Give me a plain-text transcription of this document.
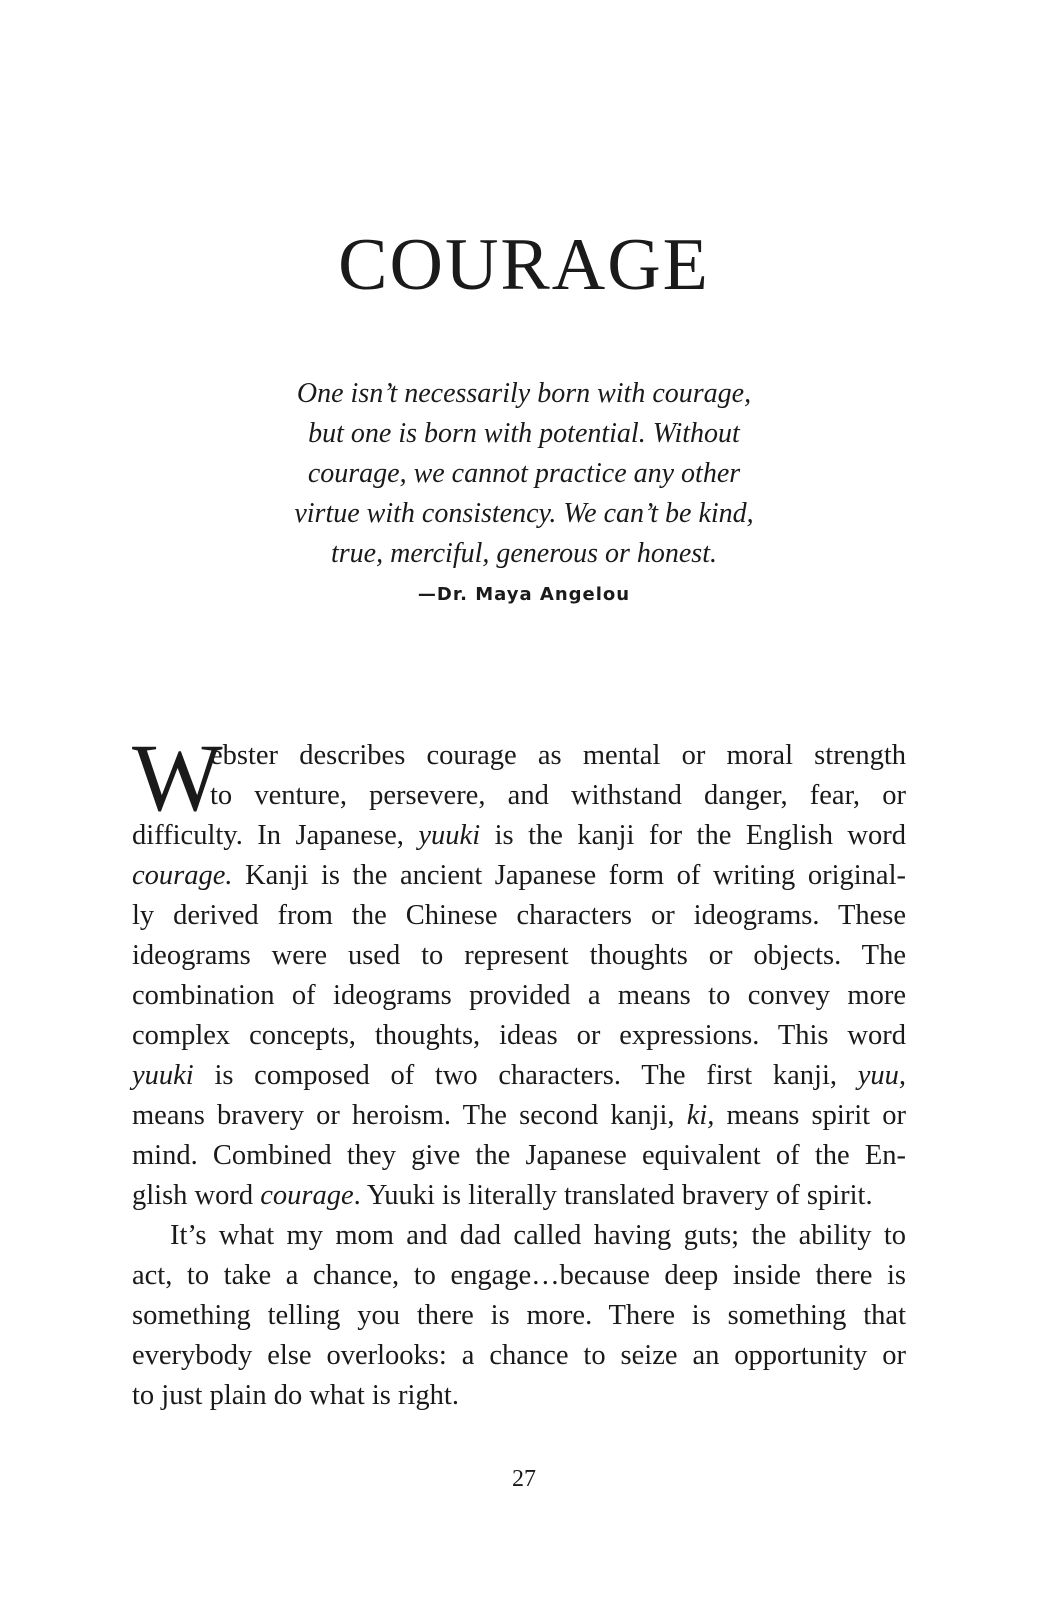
COURAGE

One isn’t necessarily born with courage,
but one is born with potential. Without
courage, we cannot practice any other
virtue with consistency. We can’t be kind,
true, merciful, generous or honest.

—Dr. Maya Angelou
W
ebster describes courage as mental or moral strength
to venture, persevere, and withstand danger, fear, or
difficulty. In Japanese, yuuki is the kanji for the English word
courage. Kanji is the ancient Japanese form of writing original-
ly derived from the Chinese characters or ideograms. These
ideograms were used to represent thoughts or objects. The
combination of ideograms provided a means to convey more
complex concepts, thoughts, ideas or expressions. This word
yuuki is composed of two characters. The first kanji, yuu,
means bravery or heroism. The second kanji, ki, means spirit or
mind. Combined they give the Japanese equivalent of the En-
glish word courage. Yuuki is literally translated bravery of spirit.
It’s what my mom and dad called having guts; the ability to
act, to take a chance, to engage…because deep inside there is
something telling you there is more. There is something that
everybody else overlooks: a chance to seize an opportunity or
to just plain do what is right.
27
